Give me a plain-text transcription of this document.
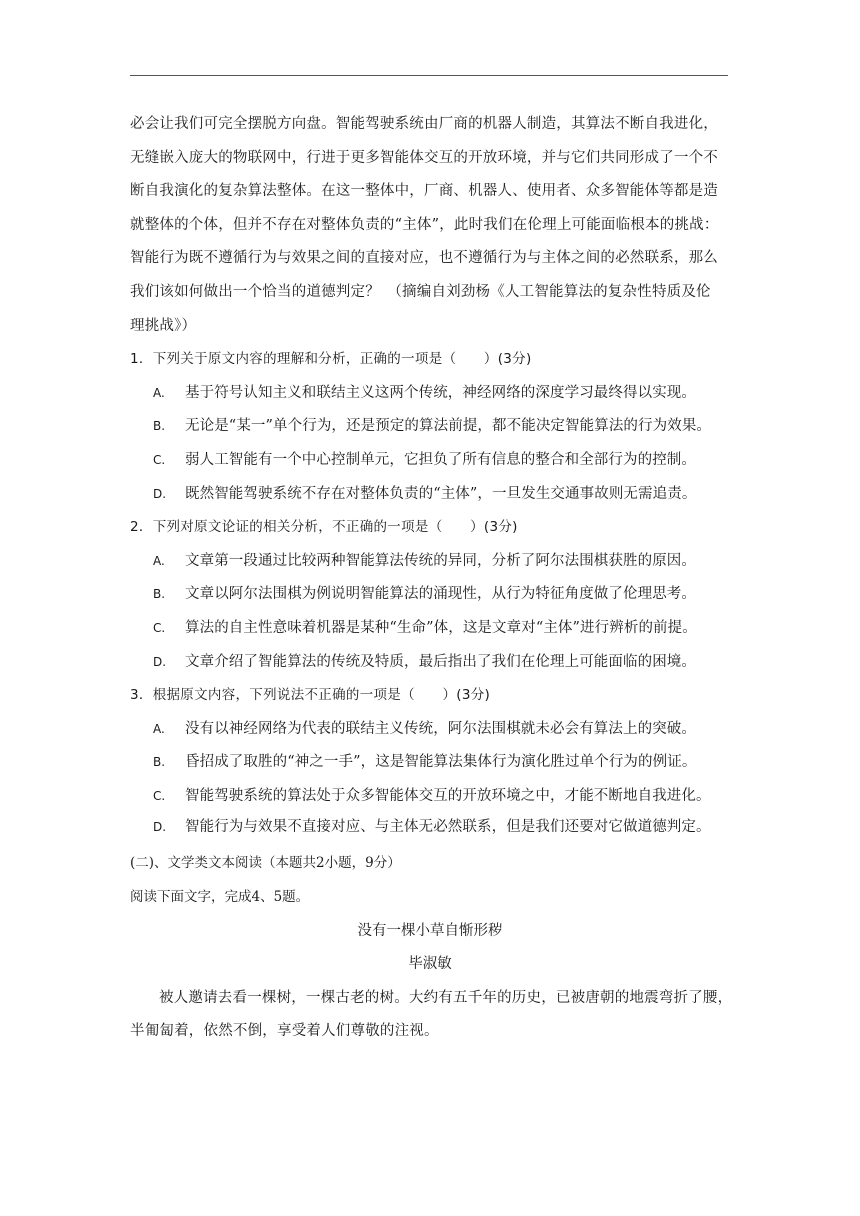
必会让我们可完全摆脱方向盘。智能驾驶系统由厂商的机器人制造，其算法不断自我进化，
无缝嵌入庞大的物联网中，行进于更多智能体交互的开放环境，并与它们共同形成了一个不
断自我演化的复杂算法整体。在这一整体中，厂商、机器人、使用者、众多智能体等都是造
就整体的个体，但并不存在对整体负责的“主体”，此时我们在伦理上可能面临根本的挑战：
智能行为既不遵循行为与效果之间的直接对应，也不遵循行为与主体之间的必然联系，那么
我们该如何做出一个恰当的道德判定？　（摘编自刘劲杨《人工智能算法的复杂性特质及伦
理挑战》）
1．下列关于原文内容的理解和分析，正确的一项是（　　）(3分)
A.	基于符号认知主义和联结主义这两个传统，神经网络的深度学习最终得以实现。
B.	无论是“某一”单个行为，还是预定的算法前提，都不能决定智能算法的行为效果。
C.	弱人工智能有一个中心控制单元，它担负了所有信息的整合和全部行为的控制。
D.	既然智能驾驶系统不存在对整体负责的“主体”，一旦发生交通事故则无需追责。
2．下列对原文论证的相关分析，不正确的一项是（　　）(3分)
A.	文章第一段通过比较两种智能算法传统的异同，分析了阿尔法围棋获胜的原因。
B.	文章以阿尔法围棋为例说明智能算法的涌现性，从行为特征角度做了伦理思考。
C.	算法的自主性意味着机器是某种“生命”体，这是文章对“主体”进行辨析的前提。
D.	文章介绍了智能算法的传统及特质，最后指出了我们在伦理上可能面临的困境。
3．根据原文内容，下列说法不正确的一项是（　　）(3分)
A.	没有以神经网络为代表的联结主义传统，阿尔法围棋就未必会有算法上的突破。
B.	昏招成了取胜的“神之一手”，这是智能算法集体行为演化胜过单个行为的例证。
C.	智能驾驶系统的算法处于众多智能体交互的开放环境之中，才能不断地自我进化。
D.	智能行为与效果不直接对应、与主体无必然联系，但是我们还要对它做道德判定。
(二)、文学类文本阅读（本题共2小题，9分）
阅读下面文字，完成4、5题。
没有一棵小草自惭形秽
毕淑敏
被人邀请去看一棵树，一棵古老的树。大约有五千年的历史，已被唐朝的地震弯折了腰，
半匍匐着，依然不倒，享受着人们尊敬的注视。
